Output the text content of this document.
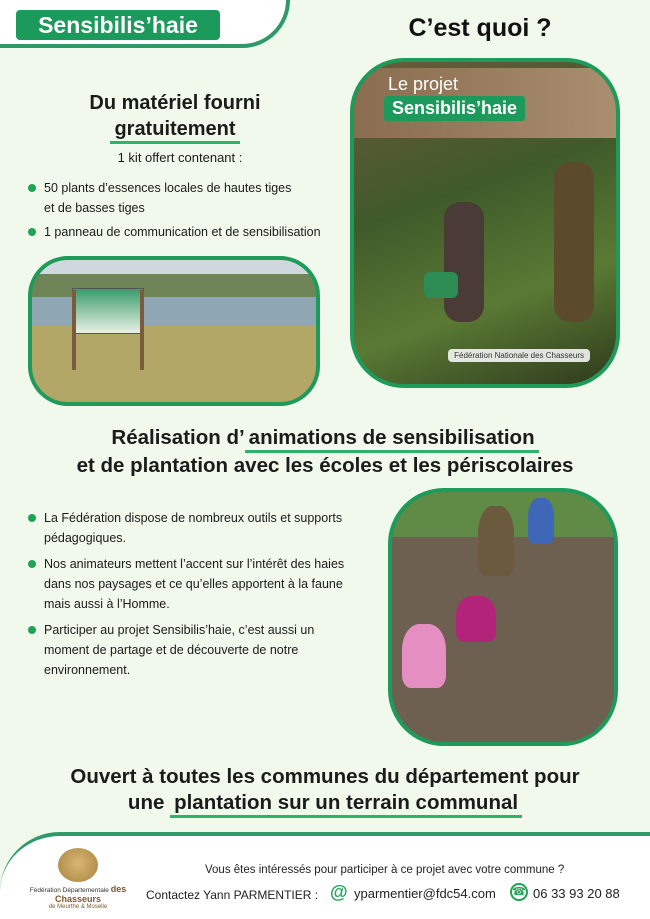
Sensibilis’haie	C’est quoi ?
Du matériel fourni
gratuitement
1 kit offert contenant :
50 plants d’essences locales de hautes tiges
et de basses tiges
1 panneau de communication et de sensibilisation
Le projet
Sensibilis’haie
Fédération Nationale des Chasseurs
Réalisation d’ animations de sensibilisation
et de plantation avec les écoles et les périscolaires
La Fédération dispose de nombreux outils et supports pédagogiques.
Nos animateurs mettent l’accent sur l’intérêt des haies dans nos paysages et ce qu’elles apportent à la faune mais aussi à l’Homme.
Participer au projet Sensibilis’haie, c’est aussi un moment de partage et de découverte de notre environnement.
Ouvert à toutes les communes du département pour
une plantation sur un terrain communal
Fédération Départementale des Chasseurs
de Meurthe & Moselle
Vous êtes intéressés pour participer à ce projet avec votre commune ?
Contactez Yann PARMENTIER : @ yparmentier@fdc54.com ☎ 06 33 93 20 88
